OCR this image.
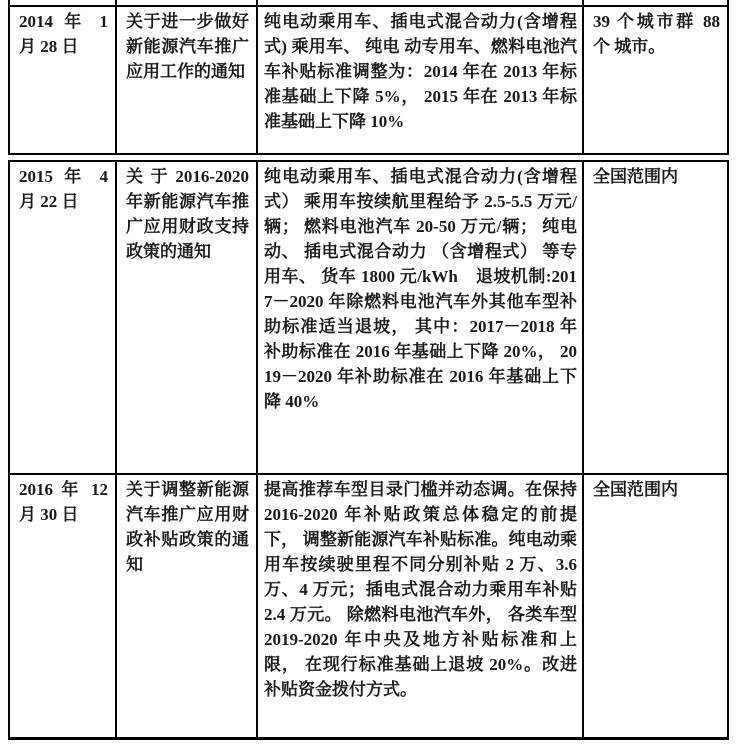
2014 年 1 月 28 日
关于进一步做好新能源汽车推广应用工作的通知
纯电动乘用车、插电式混合动力(含增程式) 乘用车、 纯电 动专用车、燃料电池汽车补贴标准调整为：2014 年在 2013 年标准基础上下降 5%， 2015 年在 2013 年标准基础上下降 10%
39 个城市群 88 个 城市。
2015 年 4 月 22 日
关 于 2016-2020 年新能源汽车推广应用财政支持政策的通知
纯电动乘用车、插电式混合动力(含增程式） 乘用车按续航里程给予 2.5-5.5 万元/辆； 燃料电池汽车 20-50 万元/辆； 纯电动、 插电式混合动力 （含增程式） 等专用车、 货车 1800 元/kWh　退坡机制:2017－2020 年除燃料电池汽车外其他车型补助标准适当退坡， 其中：2017－2018 年补助标准在 2016 年基础上下降 20%， 2019－2020 年补助标准在 2016 年基础上下降 40%
全国范围内
2016 年 12 月 30 日
关于调整新能源汽车推广应用财政补贴政策的通知
提高推荐车型目录门槛并动态调。在保持 2016-2020 年补贴政策总体稳定的前提下， 调整新能源汽车补贴标准。纯电动乘用车按续驶里程不同分别补贴 2 万、3.6 万、4 万元；插电式混合动力乘用车补贴 2.4 万元。 除燃料电池汽车外， 各类车型 2019-2020 年中央及地方补贴标准和上限， 在现行标准基础上退坡 20%。改进补贴资金拨付方式。
全国范围内
